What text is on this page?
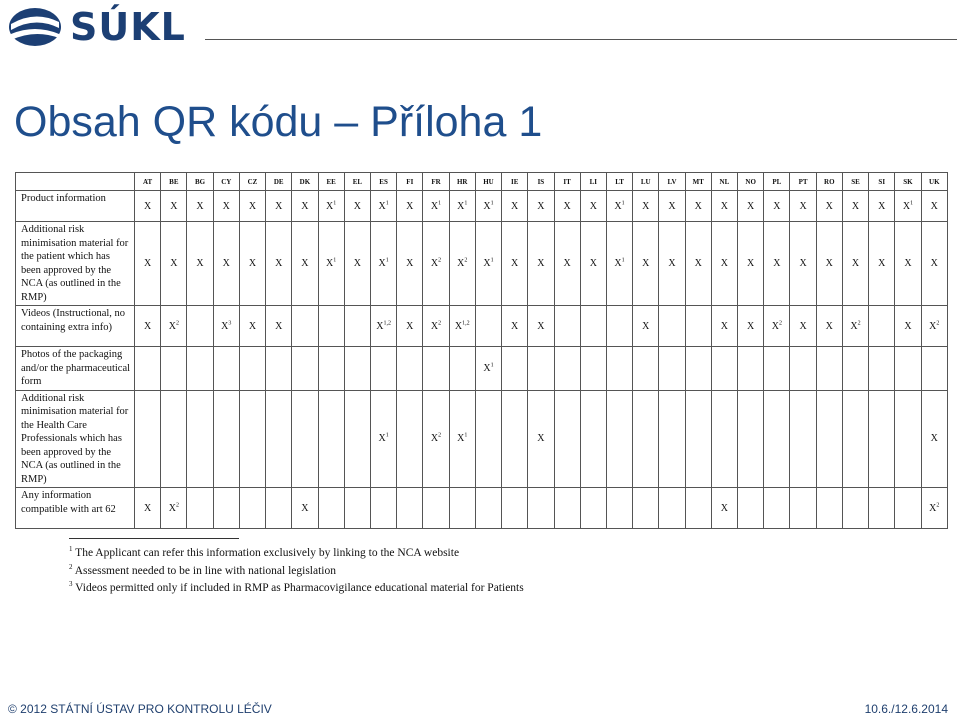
SÚKL
Obsah QR kódu – Příloha 1
	AT	BE	BG	CY	CZ	DE	DK	EE	EL	ES	FI	FR	HR	HU	IE	IS	IT	LI	LT	LU	LV	MT	NL	NO	PL	PT	RO	SE	SI	SK	UK
Product information	X	X	X	X	X	X	X	$X^1$	X	$X^1$	X	$X^1$	$X^1$	$X^1$	X	X	X	X	$X^1$	X	X	X	X	X	X	X	X	X	X	$X^1$	X
Additional risk minimisation material for the patient which has been approved by the NCA (as outlined in the RMP)	X	X	X	X	X	X	X	$X^1$	X	$X^1$	X	$X^2$	$X^2$	$X^1$	X	X	X	X	$X^1$	X	X	X	X	X	X	X	X	X	X	X	X
Videos (Instructional, no containing extra info)	X	$X^2$		$X^3$	X	X				X$^{1,2}$	X	$X^2$	X$^{1,2}$		X	X				X			X	X	$X^2$	X	X	$X^2$		X	$X^2$
Photos of the packaging and/or the pharmaceutical form														$X^1$																	
Additional risk minimisation material for the Health Care Professionals which has been approved by the NCA (as outlined in the RMP)										$X^1$		$X^2$	$X^1$			X															X
Any information compatible with art 62	X	$X^2$					X																X								$X^2$
$^1$ The Applicant can refer this information exclusively by linking to the NCA website
$^2$ Assessment needed to be in line with national legislation
$^3$ Videos permitted only if included in RMP as Pharmacovigilance educational material for Patients
© 2012 STÁTNÍ ÚSTAV PRO KONTROLU LÉČIV	10.6./12.6.2014
